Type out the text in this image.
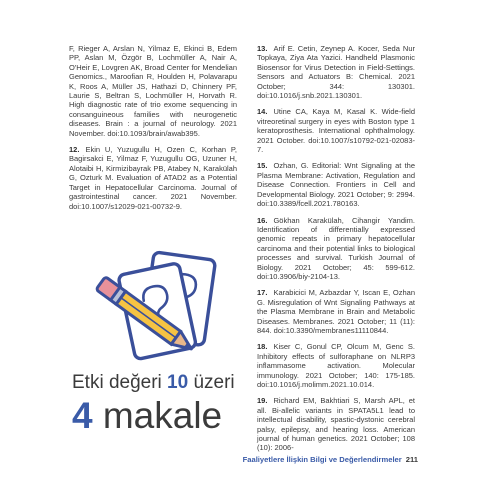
F, Rieger A, Arslan N, Yilmaz E, Ekinci B, Edem PP, Aslan M, Özgör B, Lochmüller A, Nair A, O'Heir E, Lovgren AK, Broad Center for Mendelian Genomics., Maroofian R, Houlden H, Polavarapu K, Roos A, Müller JS, Hathazi D, Chinnery PF, Laurie S, Beltran S, Lochmüller H, Horvath R. High diagnostic rate of trio exome sequencing in consanguineous families with neurogenetic diseases. Brain : a journal of neurology. 2021 November. doi:10.1093/brain/awab395.

12. Ekin U, Yuzugullu H, Ozen C, Korhan P, Bagirsakci E, Yilmaz F, Yuzugullu OG, Uzuner H, Alotaibi H, Kirmizibayrak PB, Atabey N, Karakülah G, Ozturk M. Evaluation of ATAD2 as a Potential Target in Hepatocellular Carcinoma. Journal of gastrointestinal cancer. 2021 November. doi:10.1007/s12029-021-00732-9.

13. Arif E. Cetin, Zeynep A. Kocer, Seda Nur Topkaya, Ziya Ata Yazici. Handheld Plasmonic Biosensor for Virus Detection in Field-Settings. Sensors and Actuators B: Chemical. 2021 October; 344: 130301. doi:10.1016/j.snb.2021.130301.

14. Utine CA, Kaya M, Kasal K. Wide-field vitreoretinal surgery in eyes with Boston type 1 keratoprosthesis. International ophthalmology. 2021 October. doi:10.1007/s10792-021-02083-7.

15. Ozhan, G. Editorial: Wnt Signaling at the Plasma Membrane: Activation, Regulation and Disease Connection. Frontiers in Cell and Developmental Biology. 2021 October; 9: 2994. doi:10.3389/fcell.2021.780163.

16. Gökhan Karakülah, Cihangir Yandim. Identification of differentially expressed genomic repeats in primary hepatocellular carcinoma and their potential links to biological processes and survival. Turkish Journal of Biology. 2021 October; 45: 599-612. doi:10.3906/biy-2104-13.

17. Karabicici M, Azbazdar Y, Iscan E, Ozhan G. Misregulation of Wnt Signaling Pathways at the Plasma Membrane in Brain and Metabolic Diseases. Membranes. 2021 October; 11 (11): 844. doi:10.3390/membranes11110844.

18. Kiser C, Gonul CP, Olcum M, Genc S. Inhibitory effects of sulforaphane on NLRP3 inflammasome activation. Molecular immunology. 2021 October; 140: 175-185. doi:10.1016/j.molimm.2021.10.014.

19. Richard EM, Bakhtiari S, Marsh APL, et all. Bi-allelic variants in SPATA5L1 lead to intellectual disability, spastic-dystonic cerebral palsy, epilepsy, and hearing loss. American journal of human genetics. 2021 October; 108 (10): 2006-

Etki değeri 10 üzeri
4 makale
Faaliyetlere İlişkin Bilgi ve Değerlendirmeler 211
